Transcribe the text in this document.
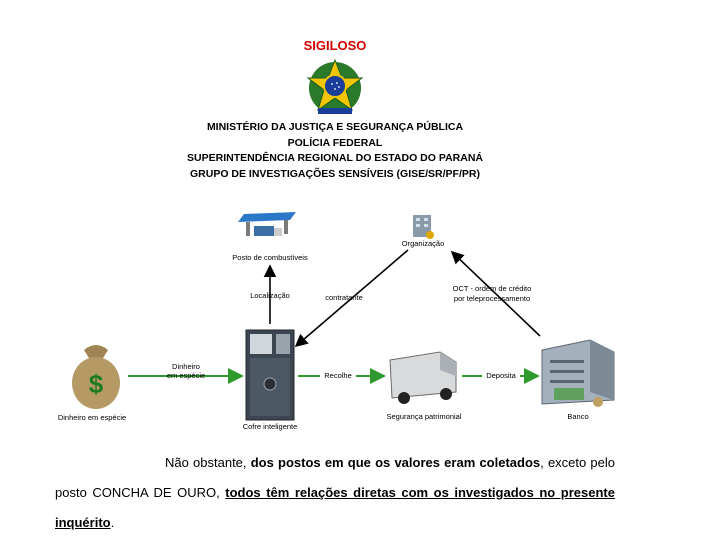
SIGILOSO
MINISTÉRIO DA JUSTIÇA E SEGURANÇA PÚBLICA
POLÍCIA FEDERAL
SUPERINTENDÊNCIA REGIONAL DO ESTADO DO PARANÁ
GRUPO DE INVESTIGAÇÕES SENSÍVEIS (GISE/SR/PF/PR)
Posto de combustíveis
Organização
$
Dinheiro em espécie
Cofre inteligente
Segurança patrimonial	Banco
Localização	contratante
OCT - ordem de crédito
por teleprocessamento
Dinheiro
em espécie	Recolhe	Deposita
Não obstante, dos postos em que os valores eram coletados, exceto pelo posto CONCHA DE OURO, todos têm relações diretas com os investigados no presente inquérito.
